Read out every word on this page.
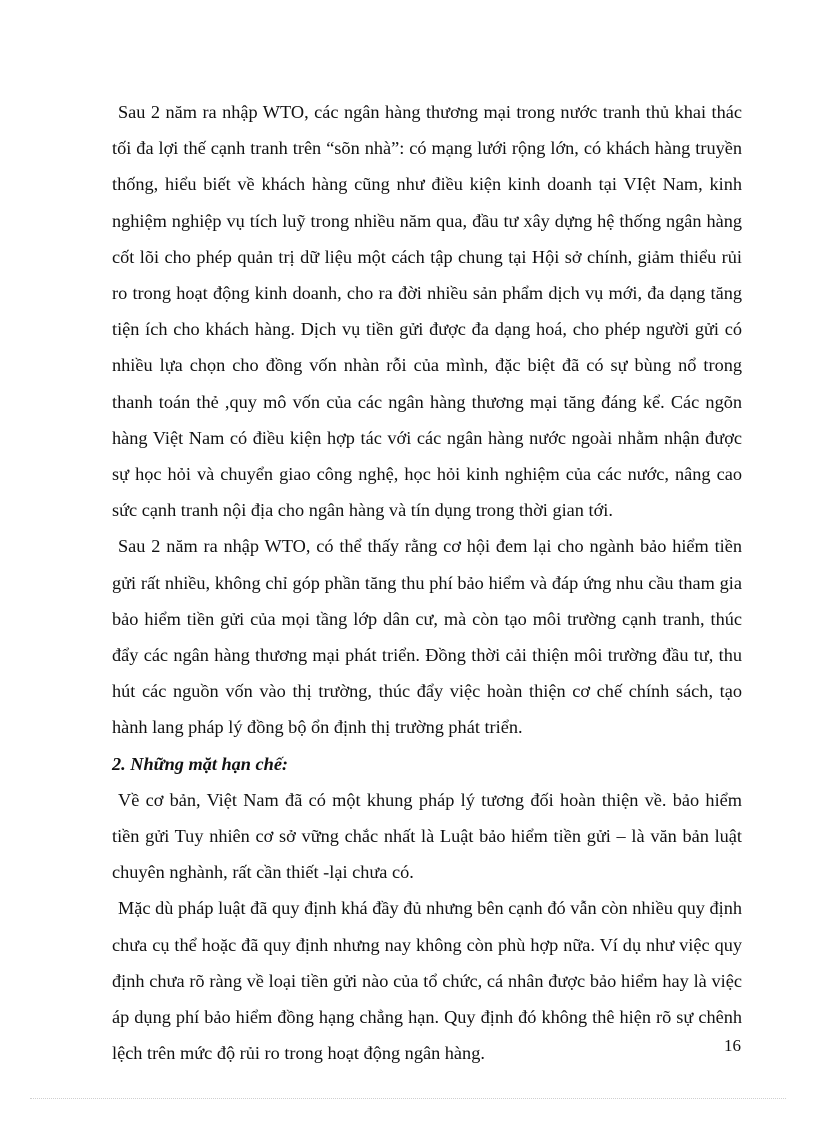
Sau 2 năm ra nhập WTO, các ngân hàng thương mại trong nước tranh thủ khai thác tối đa lợi thế cạnh tranh trên “sõn nhà”: có mạng lưới rộng lớn, có khách hàng truyền thống, hiểu biết về khách hàng cũng như điều kiện kinh doanh tại VIệt Nam, kinh nghiệm nghiệp vụ tích luỹ trong nhiều năm qua, đầu tư xây dựng hệ thống ngân hàng cốt lõi cho phép quản trị dữ liệu một cách tập chung tại Hội sở chính, giảm thiểu rủi ro trong hoạt động kinh doanh, cho ra đời nhiều sản phẩm dịch vụ mới, đa dạng tăng tiện ích cho khách hàng. Dịch vụ tiền gửi được đa dạng hoá, cho phép người gửi có nhiều lựa chọn cho đồng vốn nhàn rỗi của mình, đặc biệt đã có sự bùng nổ trong thanh toán thẻ ,quy mô vốn của các ngân hàng thương mại tăng đáng kể. Các ngõn hàng Việt Nam có điều kiện hợp tác với các ngân hàng nước ngoài nhằm nhận được sự học hỏi và chuyển giao công nghệ, học hỏi kinh nghiệm của các nước, nâng cao sức cạnh tranh nội địa cho ngân hàng và tín dụng trong thời gian tới.

Sau 2 năm ra nhập WTO, có thể thấy rằng cơ hội đem lại cho ngành bảo hiểm tiền gửi rất nhiều, không chỉ góp phần tăng thu phí bảo hiểm và đáp ứng nhu cầu tham gia bảo hiểm tiền gửi của mọi tầng lớp dân cư, mà còn tạo môi trường cạnh tranh, thúc đẩy các ngân hàng thương mại phát triển. Đồng thời cải thiện môi trường đầu tư, thu hút các nguồn vốn vào thị trường, thúc đẩy việc hoàn thiện cơ chế chính sách, tạo hành lang pháp lý đồng bộ ổn định thị trường phát triển.

2. Những mặt hạn chế:

Về cơ bản, Việt Nam đã có một khung pháp lý tương đối hoàn thiện về. bảo hiểm tiền gửi Tuy nhiên cơ sở vững chắc nhất là Luật bảo hiểm tiền gửi – là văn bản luật chuyên nghành, rất cần thiết -lại chưa có.

Mặc dù pháp luật đã quy định khá đầy đủ nhưng bên cạnh đó vẫn còn nhiều quy định chưa cụ thể hoặc đã quy định nhưng nay không còn phù hợp nữa. Ví dụ như việc quy định chưa rõ ràng về loại tiền gửi nào của tổ chức, cá nhân được bảo hiểm hay là việc áp dụng phí bảo hiểm đồng hạng chẳng hạn. Quy định đó không thê hiện rõ sự chênh lệch trên mức độ rủi ro trong hoạt động ngân hàng.	16
